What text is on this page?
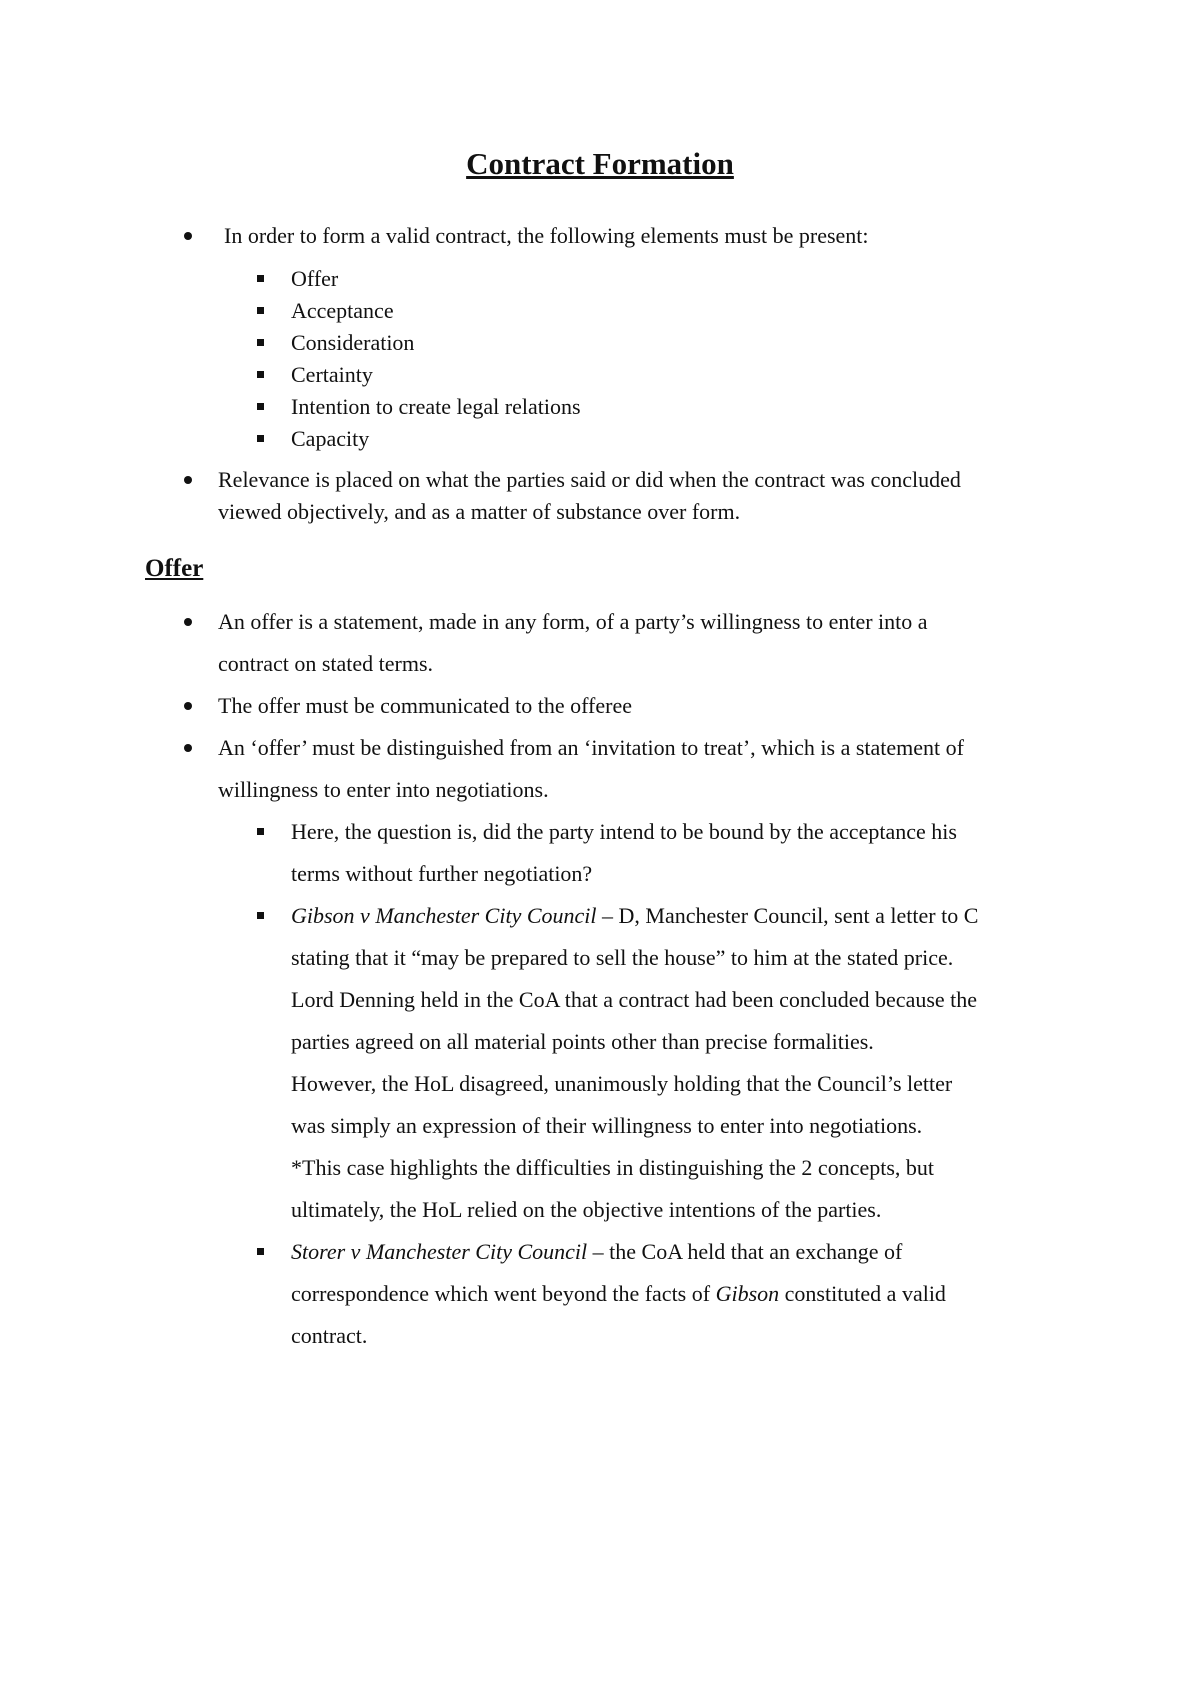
Contract Formation

In order to form a valid contract, the following elements must be present:

Offer

Acceptance

Consideration

Certainty

Intention to create legal relations

Capacity

Relevance is placed on what the parties said or did when the contract was concluded

viewed objectively, and as a matter of substance over form.

Offer

An offer is a statement, made in any form, of a party’s willingness to enter into a

contract on stated terms.

The offer must be communicated to the offeree

An ‘offer’ must be distinguished from an ‘invitation to treat’, which is a statement of

willingness to enter into negotiations.

Here, the question is, did the party intend to be bound by the acceptance his

terms without further negotiation?

Gibson v Manchester City Council – D, Manchester Council, sent a letter to C

stating that it “may be prepared to sell the house” to him at the stated price.

Lord Denning held in the CoA that a contract had been concluded because the

parties agreed on all material points other than precise formalities.

However, the HoL disagreed, unanimously holding that the Council’s letter

was simply an expression of their willingness to enter into negotiations.

*This case highlights the difficulties in distinguishing the 2 concepts, but

ultimately, the HoL relied on the objective intentions of the parties.

Storer v Manchester City Council – the CoA held that an exchange of

correspondence which went beyond the facts of Gibson constituted a valid

contract.
